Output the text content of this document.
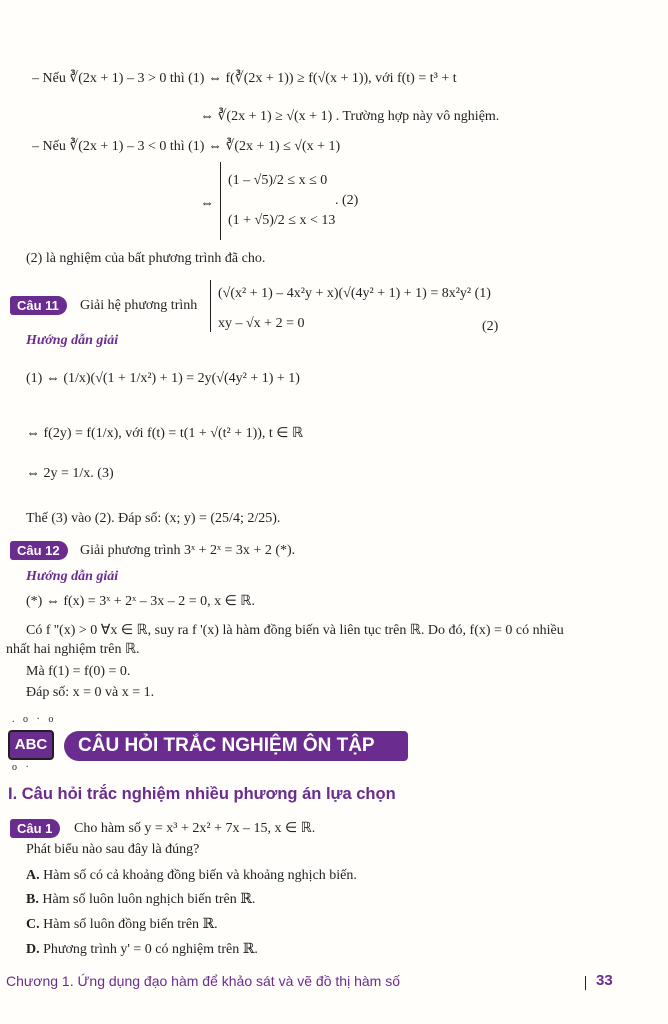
– Nếu ∛(2x + 1) – 3 > 0 thì (1) ⇔ f(∛(2x + 1)) ≥ f(√(x + 1)), với f(t) = t³ + t
⇔ ∛(2x + 1) ≥ √(x + 1) . Trường hợp này vô nghiệm.
– Nếu ∛(2x + 1) – 3 < 0 thì (1) ⇔ ∛(2x + 1) ≤ √(x + 1)
⇔
(1 – √5)/2 ≤ x ≤ 0
(1 + √5)/2 ≤ x < 13
. (2)
(2) là nghiệm của bất phương trình đã cho.
Câu 11	Giải hệ phương trình
(√(x² + 1) – 4x²y + x)(√(4y² + 1) + 1) = 8x²y² (1)
xy – √x + 2 = 0	(2)
Hướng dẫn giải
(1) ⇔ (1/x)(√(1 + 1/x²) + 1) = 2y(√(4y² + 1) + 1)
⇔ f(2y) = f(1/x), với f(t) = t(1 + √(t² + 1)), t ∈ ℝ
⇔ 2y = 1/x. (3)
Thế (3) vào (2). Đáp số: (x; y) = (25/4; 2/25).
Câu 12	Giải phương trình 3ˣ + 2ˣ = 3x + 2 (*).
Hướng dẫn giải
(*) ⇔ f(x) = 3ˣ + 2ˣ – 3x – 2 = 0, x ∈ ℝ.
Có f ''(x) > 0 ∀x ∈ ℝ, suy ra f '(x) là hàm đồng biến và liên tục trên ℝ. Do đó, f(x) = 0 có nhiều
nhất hai nghiệm trên ℝ.
Mà f(1) = f(0) = 0.
Đáp số: x = 0 và x = 1.
. o · o
ABC
o ·
CÂU HỎI TRẮC NGHIỆM ÔN TẬP
I. Câu hỏi trắc nghiệm nhiều phương án lựa chọn
Câu 1	Cho hàm số y = x³ + 2x² + 7x – 15, x ∈ ℝ.
Phát biểu nào sau đây là đúng?
A. Hàm số có cả khoảng đồng biến và khoảng nghịch biến.
B. Hàm số luôn luôn nghịch biến trên ℝ.
C. Hàm số luôn đồng biến trên ℝ.
D. Phương trình y' = 0 có nghiệm trên ℝ.
Chương 1. Ứng dụng đạo hàm để khảo sát và vẽ đồ thị hàm số	33
